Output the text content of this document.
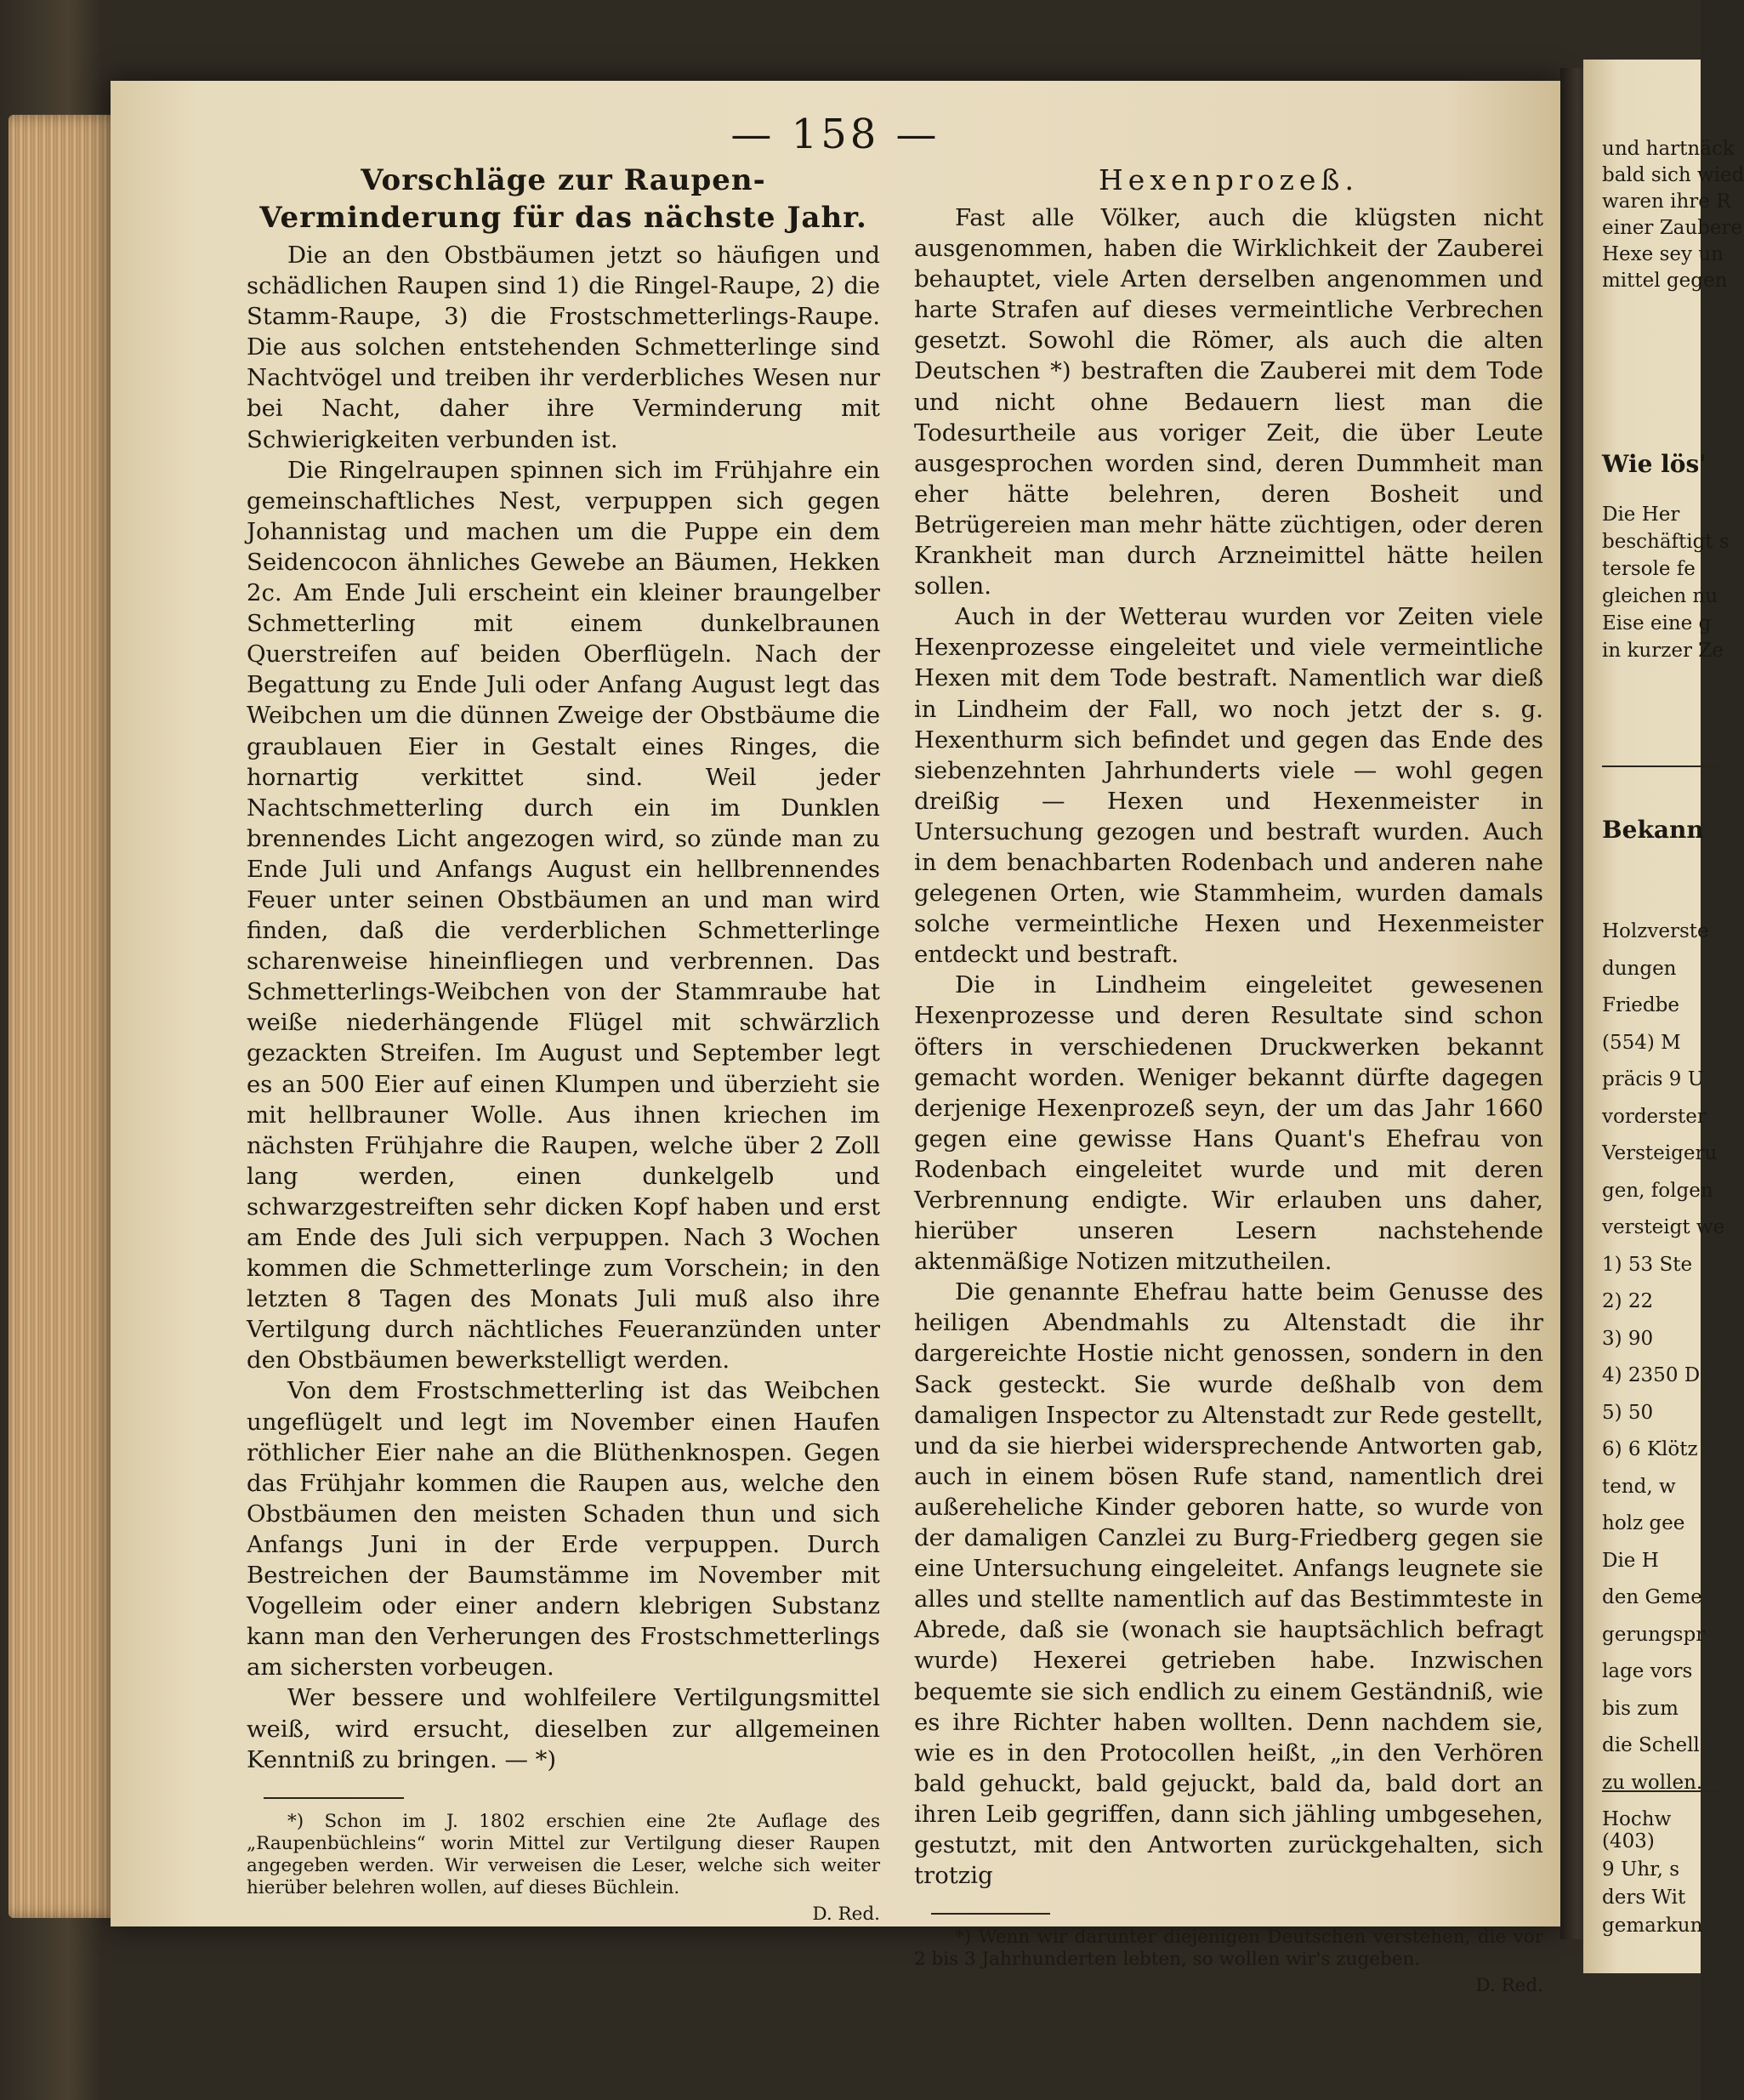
und hartnäck
bald sich wied
waren ihre R
einer Zaubere
Hexe sey un
mittel gegen
Wie lös'
Die Her
beschäftigt s
tersole fe
gleichen nu
Eise eine g
in kurzer Ze
Bekann
Holzverste
dungen
Friedbe
(554) M
präcis 9 U
vorderster
Versteigeru
gen, folgen
versteigt we
1) 53 Ste
2) 22
3) 90
4) 2350 D
5) 50
6) 6 Klötz
tend, w
holz gee
Die H
den Geme
gerungspr
lage vors
bis zum
die Schell
zu wollen.
Hochw
(403)
9 Uhr, s
ders Wit
gemarkun

— 158 —

Vorschläge zur Raupen-Verminderung für das nächste Jahr.

Die an den Obstbäumen jetzt so häufigen und schädlichen Raupen sind 1) die Ringel-Raupe, 2) die Stamm-Raupe, 3) die Frostschmetterlings-Raupe. Die aus solchen entstehenden Schmetterlinge sind Nachtvögel und treiben ihr verderbliches Wesen nur bei Nacht, daher ihre Verminderung mit Schwierigkeiten verbunden ist.

Die Ringelraupen spinnen sich im Frühjahre ein gemeinschaftliches Nest, verpuppen sich gegen Johannistag und machen um die Puppe ein dem Seidencocon ähnliches Gewebe an Bäumen, Hekken 2c. Am Ende Juli erscheint ein kleiner braungelber Schmetterling mit einem dunkelbraunen Querstreifen auf beiden Oberflügeln. Nach der Begattung zu Ende Juli oder Anfang August legt das Weibchen um die dünnen Zweige der Obstbäume die graublauen Eier in Gestalt eines Ringes, die hornartig verkittet sind. Weil jeder Nachtschmetterling durch ein im Dunklen brennendes Licht angezogen wird, so zünde man zu Ende Juli und Anfangs August ein hellbrennendes Feuer unter seinen Obstbäumen an und man wird finden, daß die verderblichen Schmetterlinge scharenweise hineinfliegen und verbrennen. Das Schmetterlings-Weibchen von der Stammraube hat weiße niederhängende Flügel mit schwärzlich gezackten Streifen. Im August und September legt es an 500 Eier auf einen Klumpen und überzieht sie mit hellbrauner Wolle. Aus ihnen kriechen im nächsten Frühjahre die Raupen, welche über 2 Zoll lang werden, einen dunkelgelb und schwarzgestreiften sehr dicken Kopf haben und erst am Ende des Juli sich verpuppen. Nach 3 Wochen kommen die Schmetterlinge zum Vorschein; in den letzten 8 Tagen des Monats Juli muß also ihre Vertilgung durch nächtliches Feueranzünden unter den Obstbäumen bewerkstelligt werden.

Von dem Frostschmetterling ist das Weibchen ungeflügelt und legt im November einen Haufen röthlicher Eier nahe an die Blüthenknospen. Gegen das Frühjahr kommen die Raupen aus, welche den Obstbäumen den meisten Schaden thun und sich Anfangs Juni in der Erde verpuppen. Durch Bestreichen der Baumstämme im November mit Vogelleim oder einer andern klebrigen Substanz kann man den Verherungen des Frostschmetterlings am sichersten vorbeugen.

Wer bessere und wohlfeilere Vertilgungsmittel weiß, wird ersucht, dieselben zur allgemeinen Kenntniß zu bringen. — *)

*) Schon im J. 1802 erschien eine 2te Auflage des „Raupenbüchleins“ worin Mittel zur Vertilgung dieser Raupen angegeben werden. Wir verweisen die Leser, welche sich weiter hierüber belehren wollen, auf dieses Büchlein.

D. Red.

Hexenprozeß.

Fast alle Völker, auch die klügsten nicht ausgenommen, haben die Wirklichkeit der Zauberei behauptet, viele Arten derselben angenommen und harte Strafen auf dieses vermeintliche Verbrechen gesetzt. Sowohl die Römer, als auch die alten Deutschen *) bestraften die Zauberei mit dem Tode und nicht ohne Bedauern liest man die Todesurtheile aus voriger Zeit, die über Leute ausgesprochen worden sind, deren Dummheit man eher hätte belehren, deren Bosheit und Betrügereien man mehr hätte züchtigen, oder deren Krankheit man durch Arzneimittel hätte heilen sollen.

Auch in der Wetterau wurden vor Zeiten viele Hexenprozesse eingeleitet und viele vermeintliche Hexen mit dem Tode bestraft. Namentlich war dieß in Lindheim der Fall, wo noch jetzt der s. g. Hexenthurm sich befindet und gegen das Ende des siebenzehnten Jahrhunderts viele — wohl gegen dreißig — Hexen und Hexenmeister in Untersuchung gezogen und bestraft wurden. Auch in dem benachbarten Rodenbach und anderen nahe gelegenen Orten, wie Stammheim, wurden damals solche vermeintliche Hexen und Hexenmeister entdeckt und bestraft.

Die in Lindheim eingeleitet gewesenen Hexenprozesse und deren Resultate sind schon öfters in verschiedenen Druckwerken bekannt gemacht worden. Weniger bekannt dürfte dagegen derjenige Hexenprozeß seyn, der um das Jahr 1660 gegen eine gewisse Hans Quant's Ehefrau von Rodenbach eingeleitet wurde und mit deren Verbrennung endigte. Wir erlauben uns daher, hierüber unseren Lesern nachstehende aktenmäßige Notizen mitzutheilen.

Die genannte Ehefrau hatte beim Genusse des heiligen Abendmahls zu Altenstadt die ihr dargereichte Hostie nicht genossen, sondern in den Sack gesteckt. Sie wurde deßhalb von dem damaligen Inspector zu Altenstadt zur Rede gestellt, und da sie hierbei widersprechende Antworten gab, auch in einem bösen Rufe stand, namentlich drei außereheliche Kinder geboren hatte, so wurde von der damaligen Canzlei zu Burg-Friedberg gegen sie eine Untersuchung eingeleitet. Anfangs leugnete sie alles und stellte namentlich auf das Bestimmteste in Abrede, daß sie (wonach sie hauptsächlich befragt wurde) Hexerei getrieben habe. Inzwischen bequemte sie sich endlich zu einem Geständniß, wie es ihre Richter haben wollten. Denn nachdem sie, wie es in den Protocollen heißt, „in den Verhören bald gehuckt, bald gejuckt, bald da, bald dort an ihren Leib gegriffen, dann sich jähling umbgesehen, gestutzt, mit den Antworten zurückgehalten, sich trotzig

*) Wenn wir darunter diejenigen Deutschen verstehen, die vor 2 bis 3 Jahrhunderten lebten, so wollen wir's zugeben.

D. Red.
